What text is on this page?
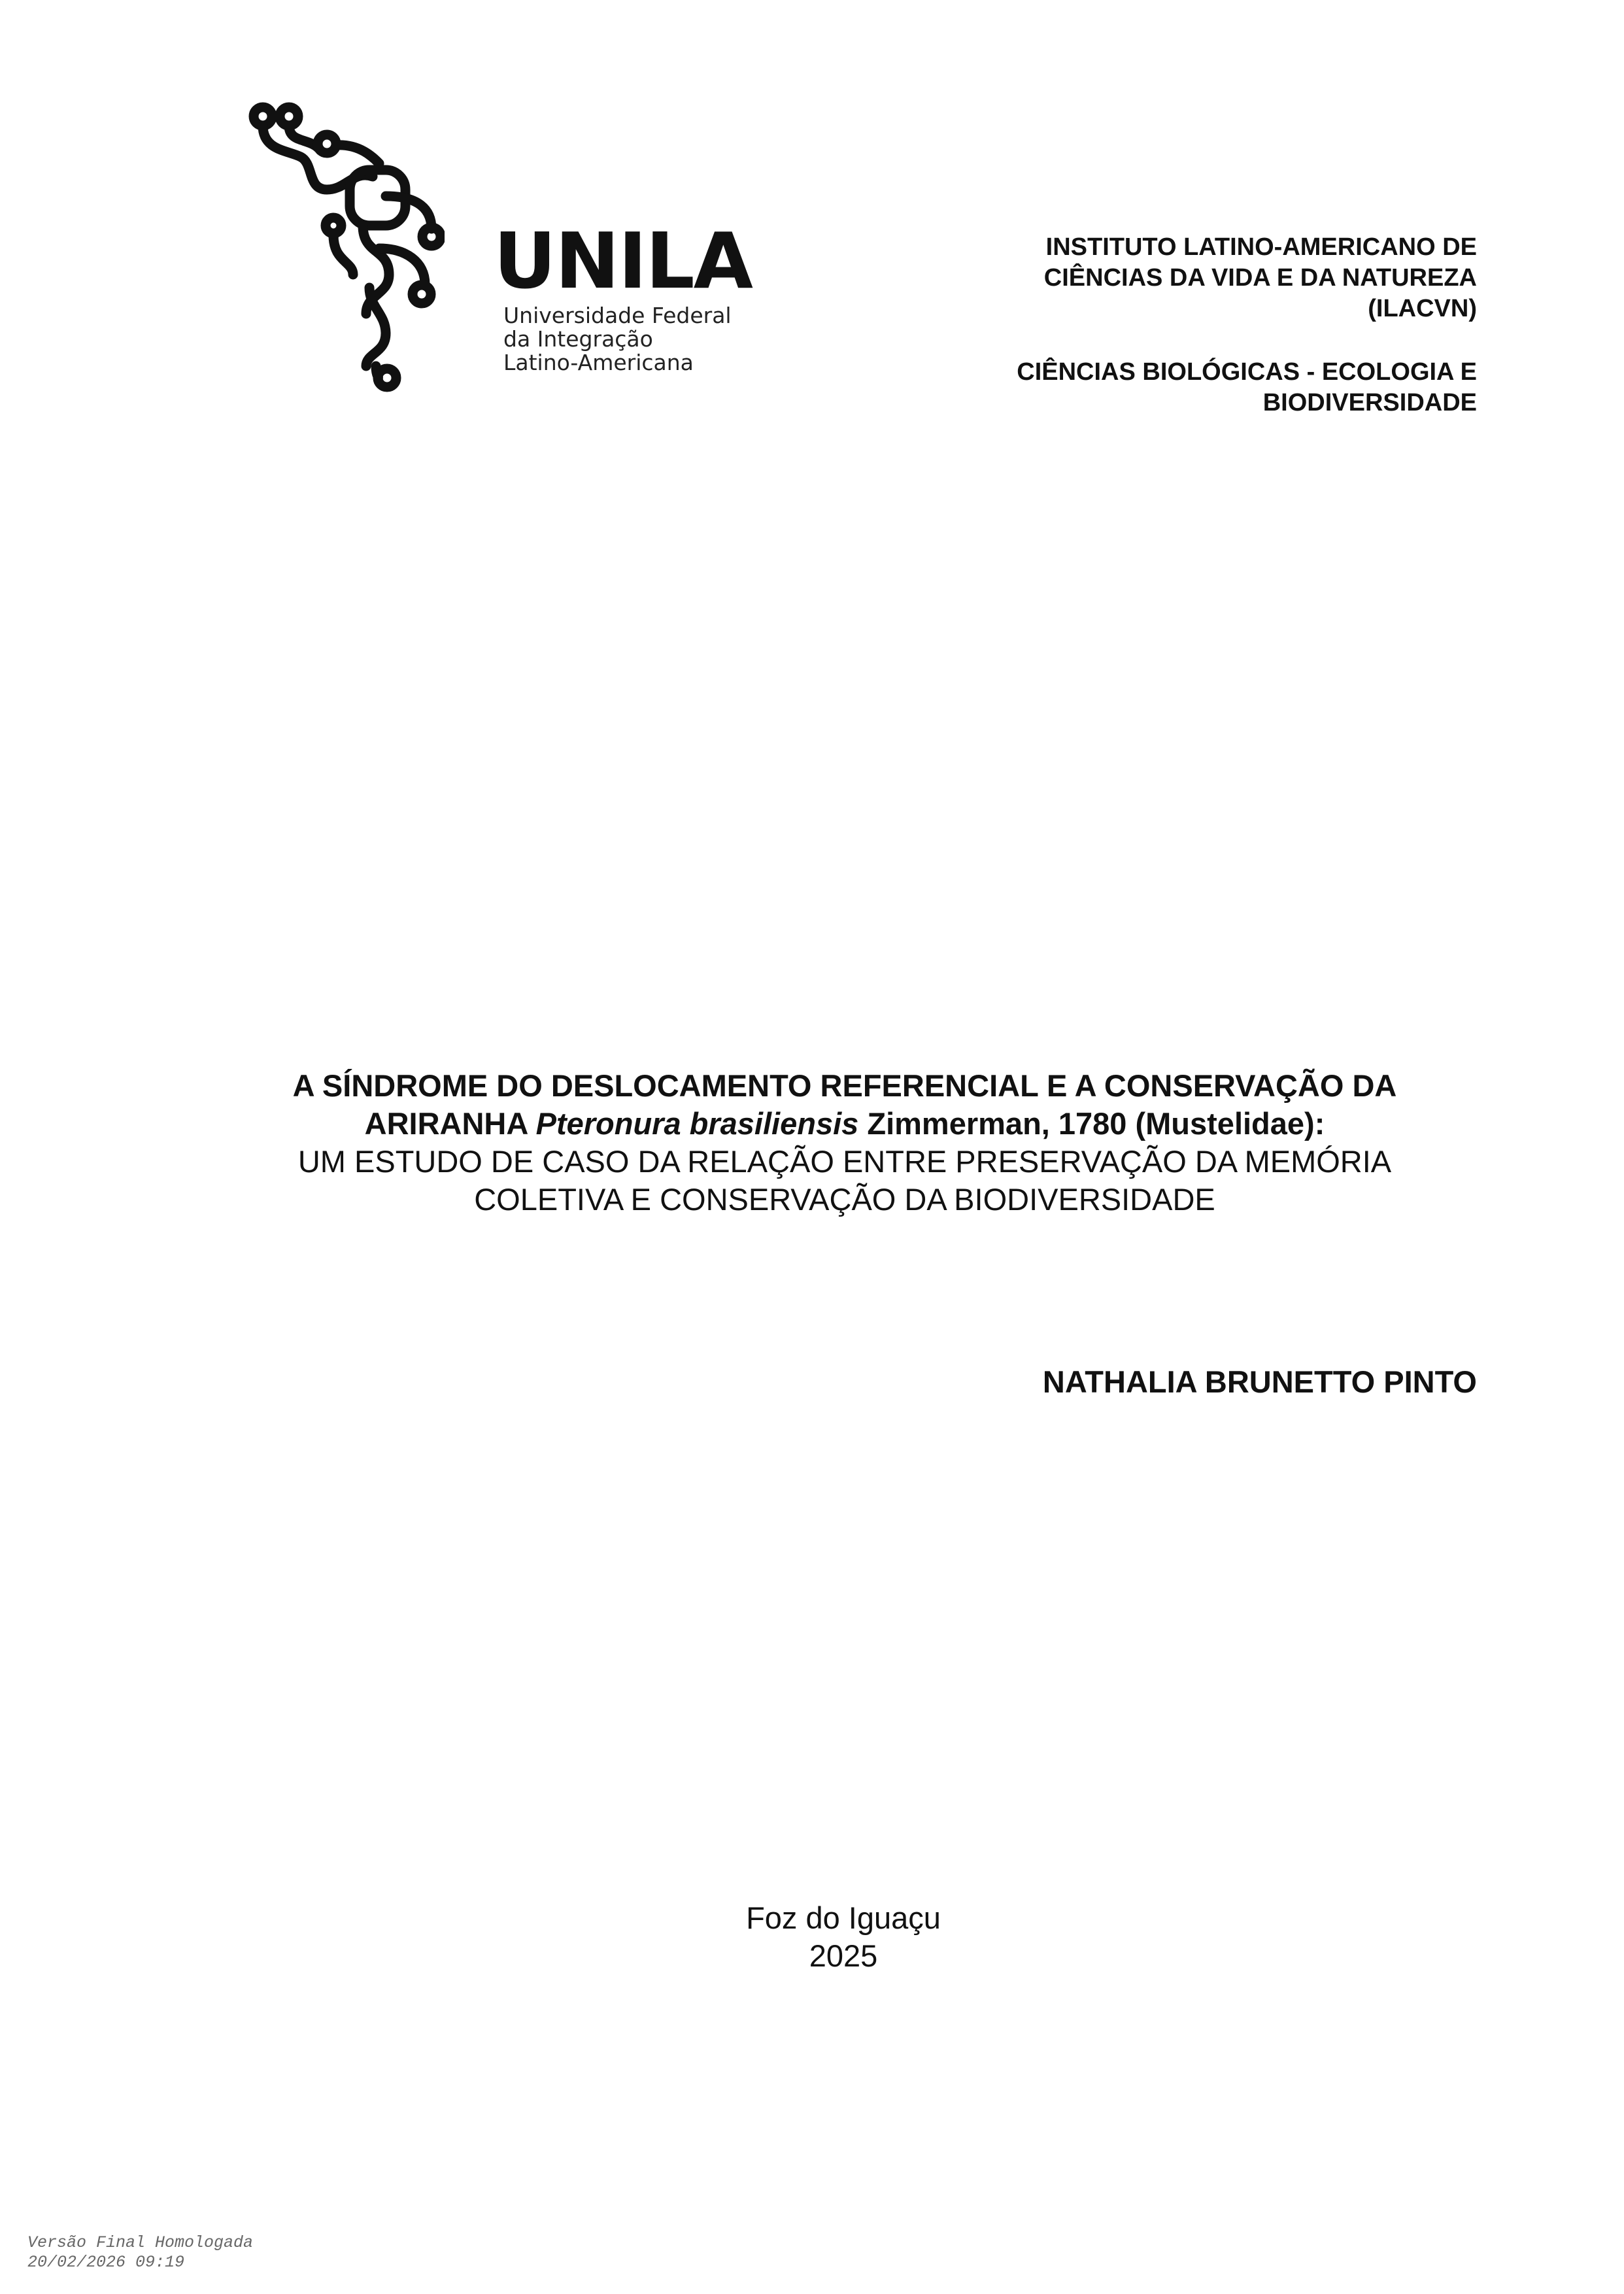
UNILA
Universidade Federal
da Integração
Latino-Americana
INSTITUTO LATINO-AMERICANO DE
CIÊNCIAS DA VIDA E DA NATUREZA
(ILACVN)
CIÊNCIAS BIOLÓGICAS - ECOLOGIA E
BIODIVERSIDADE
A SÍNDROME DO DESLOCAMENTO REFERENCIAL E A CONSERVAÇÃO DA
ARIRANHA Pteronura brasiliensis Zimmerman, 1780 (Mustelidae):
UM ESTUDO DE CASO DA RELAÇÃO ENTRE PRESERVAÇÃO DA MEMÓRIA
COLETIVA E CONSERVAÇÃO DA BIODIVERSIDADE
NATHALIA BRUNETTO PINTO
Foz do Iguaçu
2025
Versão Final Homologada
20/02/2026 09:19
